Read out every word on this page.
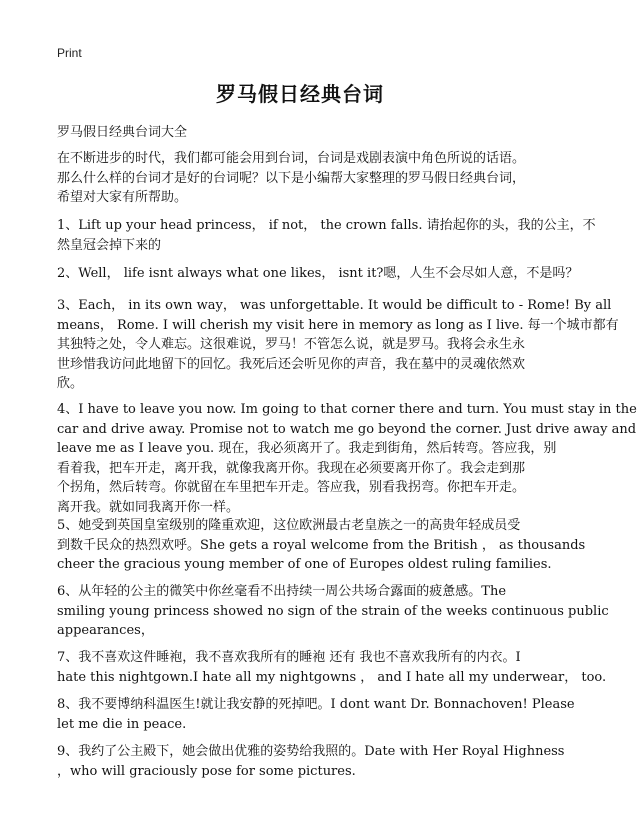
Print
罗马假日经典台词
罗马假日经典台词大全
在不断进步的时代，我们都可能会用到台词，台词是戏剧表演中角色所说的话语。
那么什么样的台词才是好的台词呢？以下是小编帮大家整理的罗马假日经典台词，
希望对大家有所帮助。
1、Lift up your head princess， if not， the crown falls. 请抬起你的头，我的公主，不
然皇冠会掉下来的
2、Well， life isnt always what one likes， isnt it?嗯，人生不会尽如人意，不是吗？
3、Each， in its own way， was unforgettable. It would be difficult to - Rome! By all
means， Rome. I will cherish my visit here in memory as long as I live. 每一个城市都有
其独特之处，令人难忘。这很难说，罗马！不管怎么说，就是罗马。我将会永生永
世珍惜我访问此地留下的回忆。我死后还会听见你的声音，我在墓中的灵魂依然欢
欣。
4、I have to leave you now. Im going to that corner there and turn. You must stay in the
car and drive away. Promise not to watch me go beyond the corner. Just drive away and
leave me as I leave you. 现在，我必须离开了。我走到街角，然后转弯。答应我，别
看着我，把车开走，离开我，就像我离开你。我现在必须要离开你了。我会走到那
个拐角，然后转弯。你就留在车里把车开走。答应我，别看我拐弯。你把车开走。
离开我。就如同我离开你一样。
5、她受到英国皇室级别的隆重欢迎，这位欧洲最古老皇族之一的高贵年轻成员受
到数千民众的热烈欢呼。She gets a royal welcome from the British ， as thousands
cheer the gracious young member of one of Europes oldest ruling families.
6、从年轻的公主的微笑中你丝毫看不出持续一周公共场合露面的疲惫感。The
smiling young princess showed no sign of the strain of the weeks continuous public
appearances，
7、我不喜欢这件睡袍，我不喜欢我所有的睡袍 还有 我也不喜欢我所有的内衣。I
hate this nightgown.I hate all my nightgowns ， and I hate all my underwear， too.
8、我不要博纳科温医生!就让我安静的死掉吧。I dont want Dr. Bonnachoven! Please
let me die in peace.
9、我约了公主殿下，她会做出优雅的姿势给我照的。Date with Her Royal Highness
，who will graciously pose for some pictures.
